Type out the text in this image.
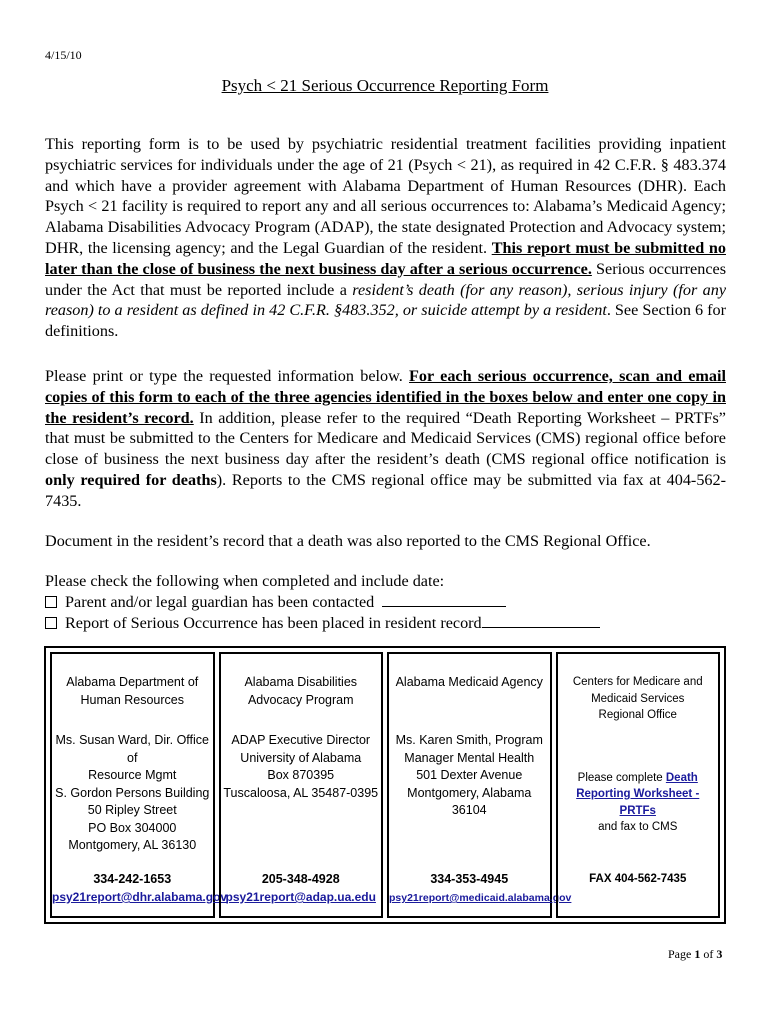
4/15/10
Psych < 21 Serious Occurrence Reporting Form
This reporting form is to be used by psychiatric residential treatment facilities providing inpatient psychiatric services for individuals under the age of 21 (Psych < 21), as required in 42 C.F.R. § 483.374 and which have a provider agreement with Alabama Department of Human Resources (DHR). Each Psych < 21 facility is required to report any and all serious occurrences to: Alabama’s Medicaid Agency; Alabama Disabilities Advocacy Program (ADAP), the state designated Protection and Advocacy system; DHR, the licensing agency; and the Legal Guardian of the resident. This report must be submitted no later than the close of business the next business day after a serious occurrence. Serious occurrences under the Act that must be reported include a resident’s death (for any reason), serious injury (for any reason) to a resident as defined in 42 C.F.R. §483.352, or suicide attempt by a resident. See Section 6 for definitions.
Please print or type the requested information below. For each serious occurrence, scan and email copies of this form to each of the three agencies identified in the boxes below and enter one copy in the resident’s record. In addition, please refer to the required “Death Reporting Worksheet – PRTFs” that must be submitted to the Centers for Medicare and Medicaid Services (CMS) regional office before close of business the next business day after the resident’s death (CMS regional office notification is only required for deaths). Reports to the CMS regional office may be submitted via fax at 404-562-7435.
Document in the resident’s record that a death was also reported to the CMS Regional Office.
Please check the following when completed and include date:
Parent and/or legal guardian has been contacted
Report of Serious Occurrence has been placed in resident record
Alabama Department of
Human Resources
Ms. Susan Ward, Dir. Office of
Resource Mgmt
S. Gordon Persons Building
50 Ripley Street
PO Box 304000
Montgomery, AL 36130
334-242-1653
psy21report@dhr.alabama.gov
Alabama Disabilities
Advocacy Program
ADAP Executive Director
University of Alabama
Box 870395
Tuscaloosa, AL 35487-0395
205-348-4928
psy21report@adap.ua.edu
Alabama Medicaid Agency
Ms. Karen Smith, Program
Manager Mental Health
501 Dexter Avenue
Montgomery, Alabama 36104
334-353-4945
psy21report@medicaid.alabama.gov
Centers for Medicare and
Medicaid Services
Regional Office
Please complete Death Reporting Worksheet - PRTFs
and fax to CMS
FAX 404-562-7435
Page 1 of 3
